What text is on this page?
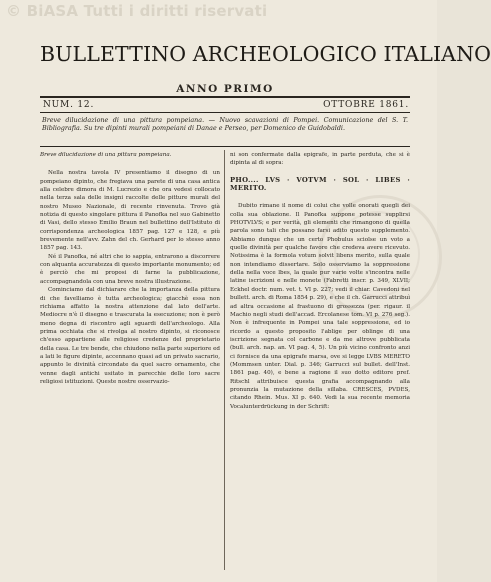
© BiASA Tutti i diritti riservati
BULLETTINO ARCHEOLOGICO ITALIANO
ANNO PRIMO
NUM. 12.	OTTOBRE 1861.
Breve dilucidazione di una pittura pompeiana. — Nuovo scavazioni di Pompei. Comunicazione del S. T. Bibliografia. Su tre dipinti murali pompeiani di Danae e Perseo, per Domenico de Guidobaldi.

Breve dilucidazione di una pittura pompeiana.

Nella nostra tavola IV presentiamo il disegno di un pompeiano dipinto, che fregiava una parete di una casa antica alla celebre dimora di M. Lucrezio e che ora vedesi collocato nella terza sala delle insigni raccolte delle pitture murali del nostro Museo Nazionale, di recente rinvenuta. Trovo già notizia di questo singolare pittura il Panofka nel suo Gabinetto di Vasi, dello stesso Emilio Braun nel bullettino dell'Istituto di corrispondenza archeologica 1857 pag. 127 e 128, e più brevemente nell'avv. Zahn del ch. Gerhard per lo stesso anno 1857 pag. 143.

Né il Panofka, né altri che io sappia, entrarono a discorrere con alquanta accuratezza di questo importante monumento; ed è perciò che mi proposi di farne la pubblicazione, accompagnandola con una breve nostra illustrazione.

Cominciamo dal dichiarare che la importanza della pittura di che favelliamo è tutta archeologica; giacchè essa non richiama affatto la nostra attenzione dal lato dell'arte. Mediocre n'è il disegno e trascurata la esecuzione; non è però meno degna di riscontro agli sguardi dell'archeologo. Alla prima occhiata che si rivolga al nostro dipinto, si riconosce ch'esso appartiene alle religiose credenze del proprietario della casa. Le tre bende, che chiudono nella parte superiore ed a lati le figure dipinte, accennano quasi ad un privato sacrario, appunto le divinità circondate da quel sacro ornamento, che venne dagli antichi usitato in parecchie delle loro sacre religiosi istituzioni. Queste nostre osservazio-

ni son confermate dalla epigrafe, in parte perduta, che si è dipinta al di sopra:

PHO.... LVS · VOTVM · SOL · LIBES · MERITO.

Dubito rimane il nome di colui che volle onorati quegli dei colla sua oblazione. Il Panofka suppone potesse supplirsi PHOTVLVS; e per verità, gli elementi che rimangono di quella parola sono tali che possano farsi adito questo supplemento. Abbiamo dunque che un certo Phobulus sciolse un voto a quelle divinità per qualche favore che credeva avere ricevuto. Notissima è la formola votum solvit libens merito, sulla quale non intendiamo dissertare. Solo osserviamo la soppressione della nella voce lbes, la quale pur varie volte s'incontra nelle latine iscrizioni e nelle monete (Fabretti inscr. p. 349, XLVII; Eckhel doctr. num. vet. t. VI p. 227; vedi il chiar. Cavedoni nel bullett. arch. di Roma 1854 p. 29), e che il ch. Garrucci attribuì ad altra occasione al frastuono di grossezza (per. rigaur. il Machio negli studi dell'accad. Ercolanese tom. VI p. 276 seg.). Non è infrequente in Pompei una tale soppressione, ed io ricordo a questo proposito l'ablige per oblinge di una iscrizione segnata col carbone e da me altrove pubblicata (bull. arch. nap. an. VI pag. 4, 5). Un più vicino confronto anzi ci fornisce da una epigrafe marsa, ove si legge LVBS MERETO (Mommsen unter. Dial. p. 346; Garrucci sul bullet. dell'Inst. 1861 pag. 40), e bene a ragione il suo dotto editore pref. Ritschl attribuisce questa grafia accompagnando alla pronunzia la mutazione della sillaba. CRESCES, PVDES, citando Rhein. Mus. XI p. 640. Vedi la sua recente memoria Vocalunterdrückung in der Schrift:
